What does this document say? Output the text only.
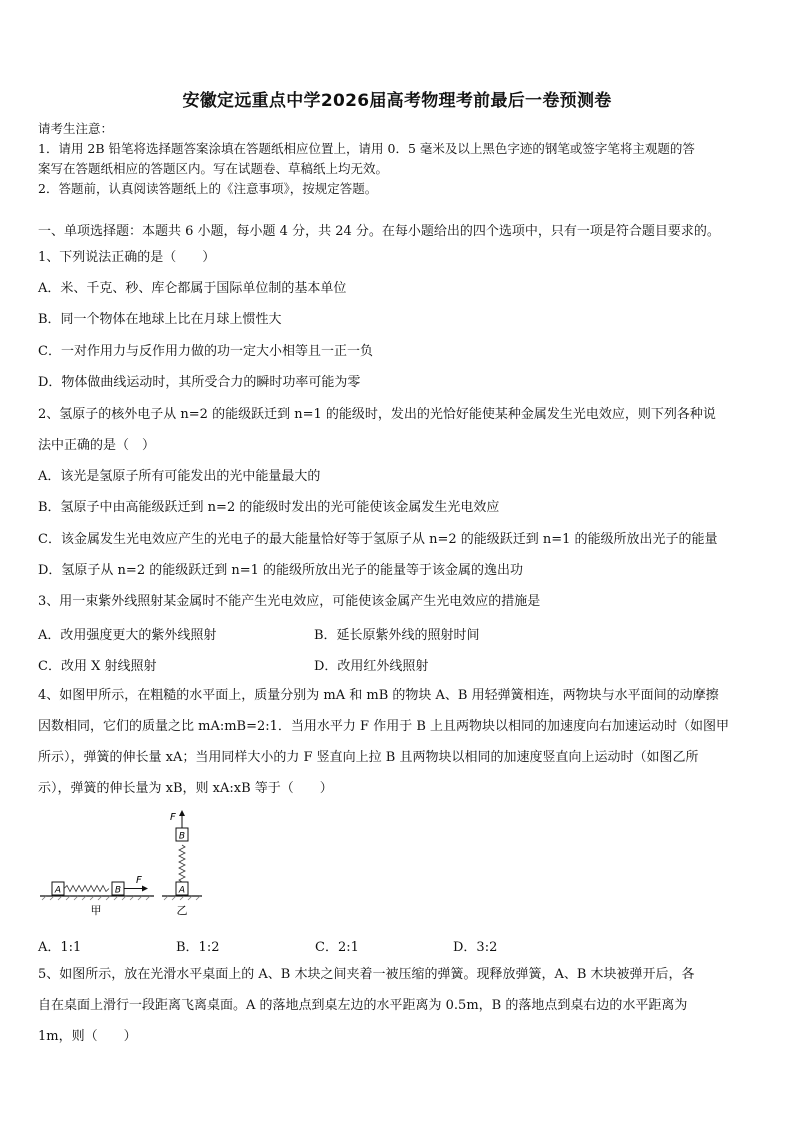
安徽定远重点中学2026届高考物理考前最后一卷预测卷
请考生注意：
1．请用 2B 铅笔将选择题答案涂填在答题纸相应位置上，请用 0．5 毫米及以上黑色字迹的钢笔或签字笔将主观题的答
案写在答题纸相应的答题区内。写在试题卷、草稿纸上均无效。
2．答题前，认真阅读答题纸上的《注意事项》，按规定答题。
一、单项选择题：本题共 6 小题，每小题 4 分，共 24 分。在每小题给出的四个选项中，只有一项是符合题目要求的。
1、下列说法正确的是（　　）
A．米、千克、秒、库仑都属于国际单位制的基本单位
B．同一个物体在地球上比在月球上惯性大
C．一对作用力与反作用力做的功一定大小相等且一正一负
D．物体做曲线运动时，其所受合力的瞬时功率可能为零
2、氢原子的核外电子从 n=2 的能级跃迁到 n=1 的能级时，发出的光恰好能使某种金属发生光电效应，则下列各种说
法中正确的是（　）
A．该光是氢原子所有可能发出的光中能量最大的
B．氢原子中由高能级跃迁到 n=2 的能级时发出的光可能使该金属发生光电效应
C．该金属发生光电效应产生的光电子的最大能量恰好等于氢原子从 n=2 的能级跃迁到 n=1 的能级所放出光子的能量
D．氢原子从 n=2 的能级跃迁到 n=1 的能级所放出光子的能量等于该金属的逸出功
3、用一束紫外线照射某金属时不能产生光电效应，可能使该金属产生光电效应的措施是
A．改用强度更大的紫外线照射	B．延长原紫外线的照射时间
C．改用 X 射线照射	D．改用红外线照射
4、如图甲所示，在粗糙的水平面上，质量分别为 mA 和 mB 的物块 A、B 用轻弹簧相连，两物块与水平面间的动摩擦
因数相同，它们的质量之比 mA:mB=2:1．当用水平力 F 作用于 B 上且两物块以相同的加速度向右加速运动时（如图甲
所示），弹簧的伸长量 xA；当用同样大小的力 F 竖直向上拉 B 且两物块以相同的加速度竖直向上运动时（如图乙所
示），弹簧的伸长量为 xB，则 xA:xB 等于（　　）
A	B
F
甲
A
B
F
乙
A．1:1	B．1:2	C．2:1	D．3:2
5、如图所示，放在光滑水平桌面上的 A、B 木块之间夹着一被压缩的弹簧。现释放弹簧，A、B 木块被弹开后，各
自在桌面上滑行一段距离飞离桌面。A 的落地点到桌左边的水平距离为 0.5m，B 的落地点到桌右边的水平距离为
1m，则（　　）
